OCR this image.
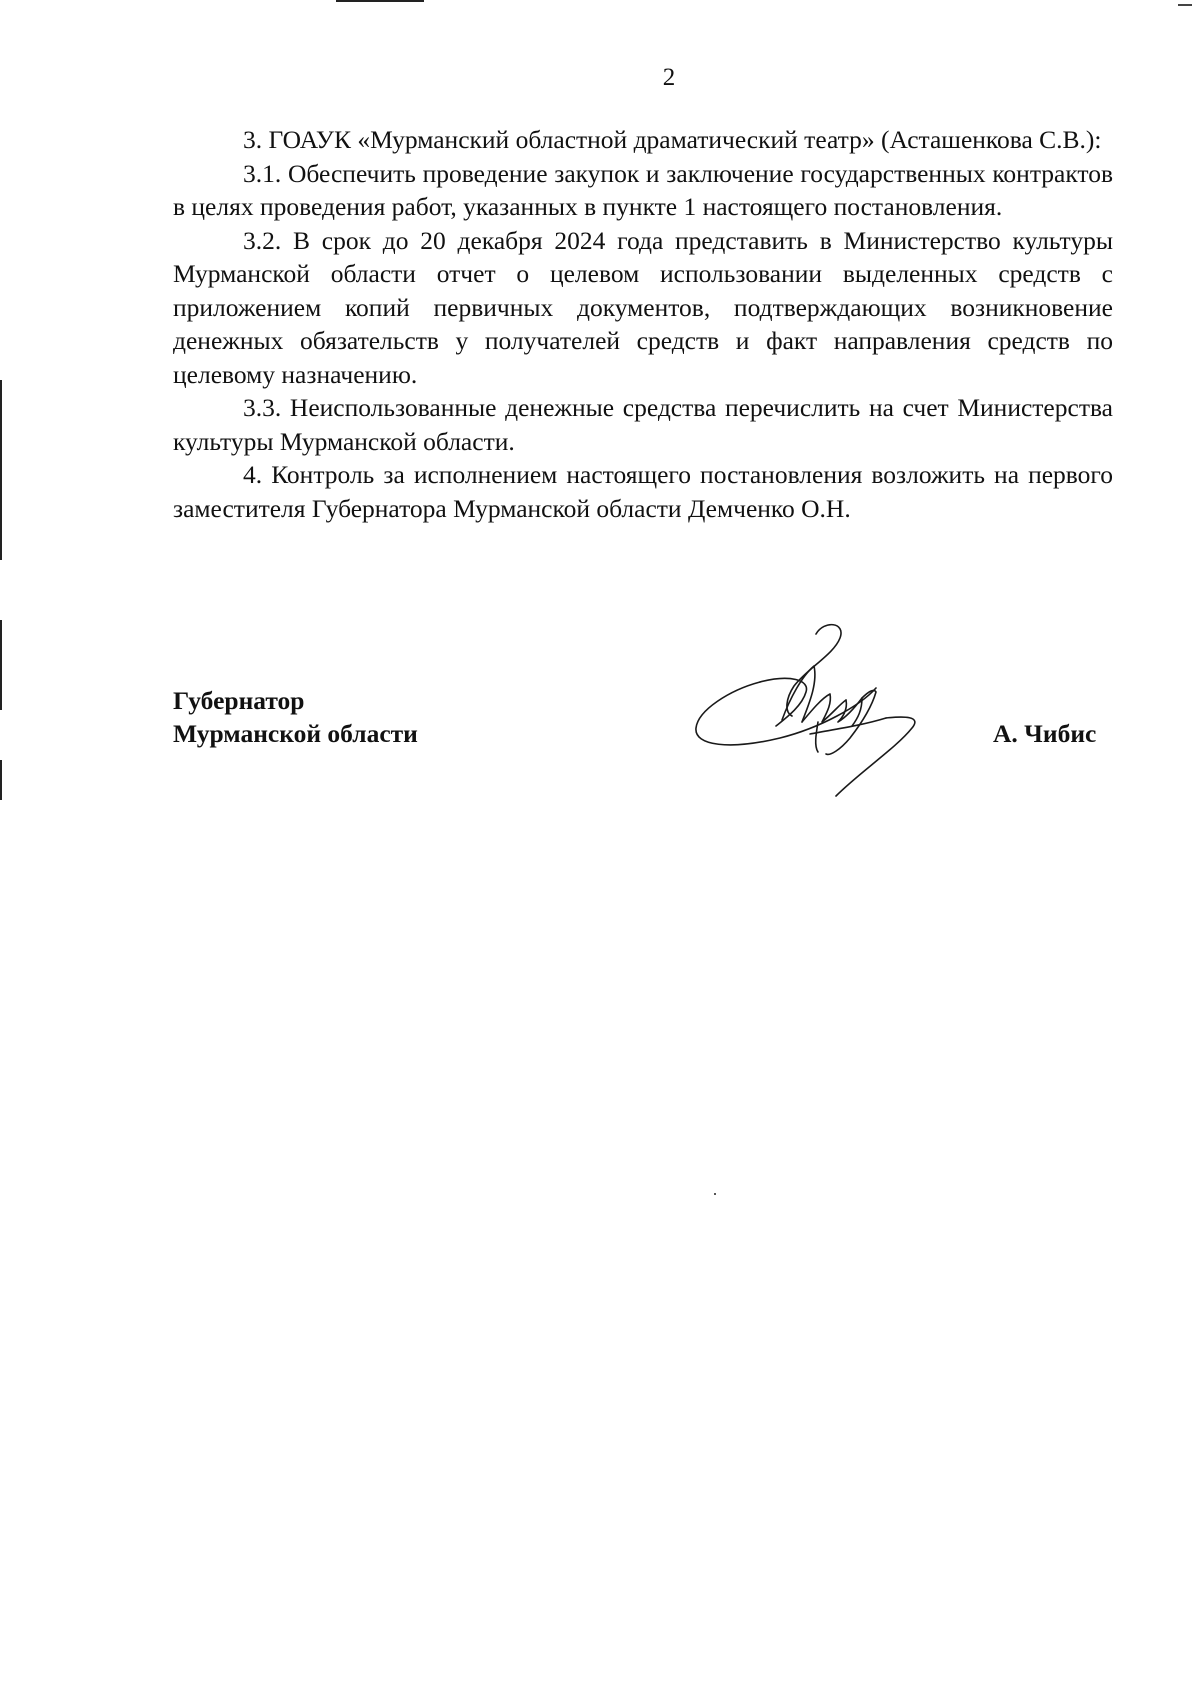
2

3. ГОАУК «Мурманский областной драматический театр» (Асташенкова С.В.):

3.1. Обеспечить проведение закупок и заключение государственных контрактов в целях проведения работ, указанных в пункте 1 настоящего постановления.

3.2. В срок до 20 декабря 2024 года представить в Министерство культуры Мурманской области отчет о целевом использовании выделенных средств с приложением копий первичных документов, подтверждающих возникновение денежных обязательств у получателей средств и факт направления средств по целевому назначению.

3.3. Неиспользованные денежные средства перечислить на счет Министерства культуры Мурманской области.

4. Контроль за исполнением настоящего постановления возложить на первого заместителя Губернатора Мурманской области Демченко О.Н.

Губернатор
Мурманской области	А. Чибис
